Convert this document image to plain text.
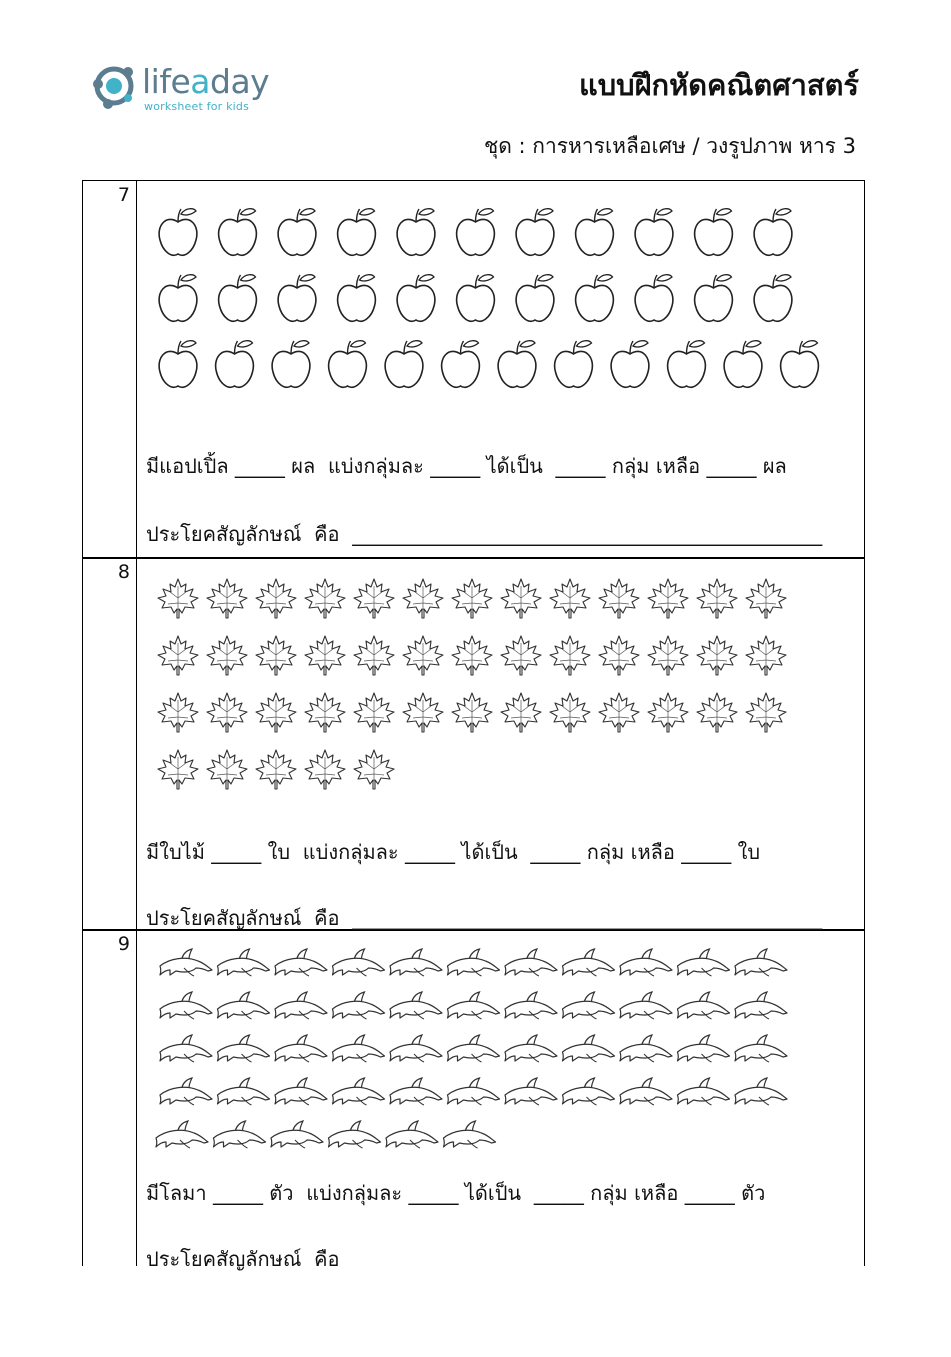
lifeaday
worksheet for kids
แบบฝึกหัดคณิตศาสตร์
ชุด : การหารเหลือเศษ / วงรูปภาพ หาร 3
7
มีแอปเปิ้ล _____ ผล  แบ่งกลุ่มละ _____ ได้เป็น  _____ กลุ่ม เหลือ _____ ผล
ประโยคสัญลักษณ์  คือ  _______________________________________________
8
มีใบไม้ _____ ใบ  แบ่งกลุ่มละ _____ ได้เป็น  _____ กลุ่ม เหลือ _____ ใบ
ประโยคสัญลักษณ์  คือ  _______________________________________________
9
มีโลมา _____ ตัว  แบ่งกลุ่มละ _____ ได้เป็น  _____ กลุ่ม เหลือ _____ ตัว
ประโยคสัญลักษณ์  คือ
